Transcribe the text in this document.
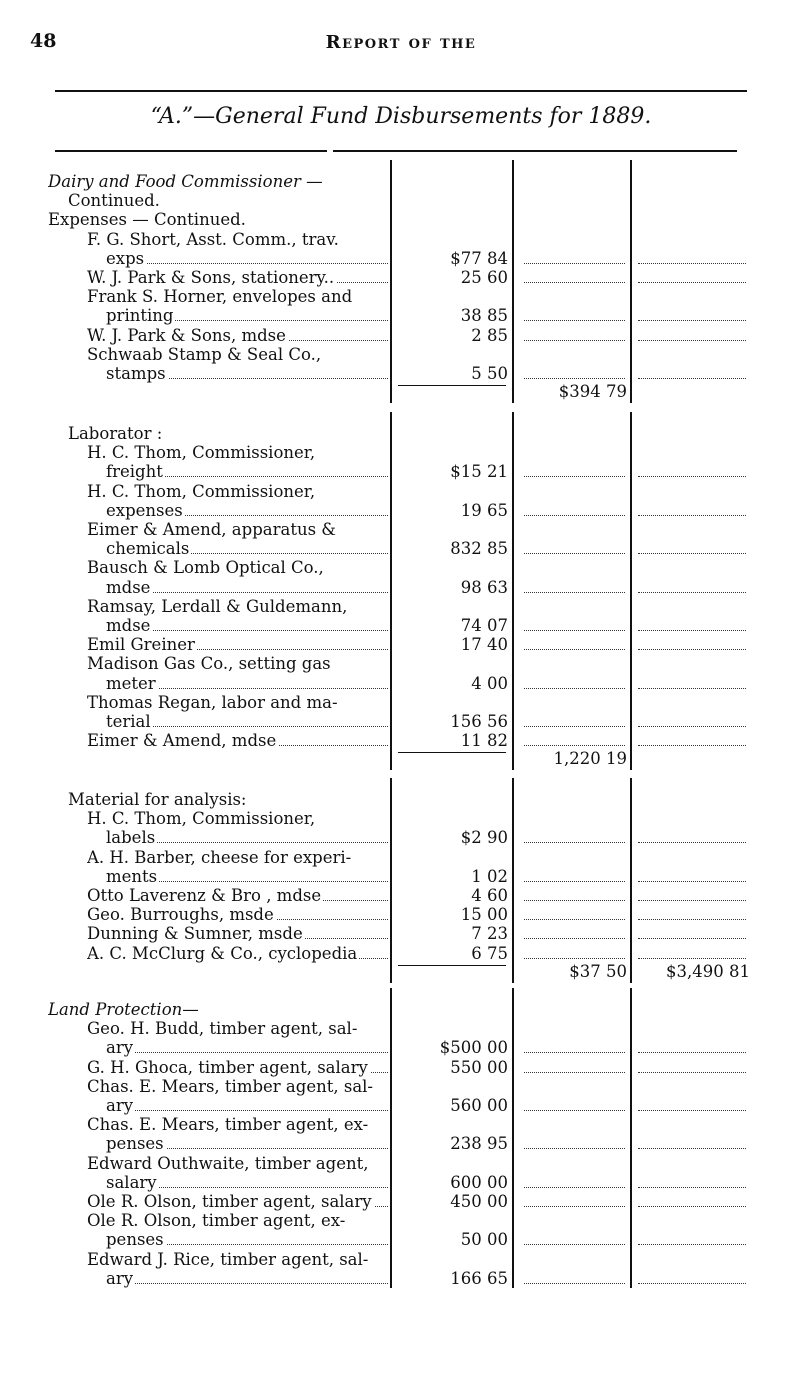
48	Report of the
“A.”—General Fund Disbursements for 1889.
Dairy and Food Commissioner —
Continued.
Expenses — Continued.
F. G. Short, Asst. Comm., trav.
exps	$77 84
W. J. Park & Sons, stationery..	25 60
Frank S. Horner, envelopes and
printing	38 85
W. J. Park & Sons, mdse	2 85
Schwaab Stamp & Seal Co.,
stamps	5 50
$394 79
Laborator :
H. C. Thom, Commissioner,
freight	$15 21
H. C. Thom, Commissioner,
expenses	19 65
Eimer & Amend, apparatus &
chemicals	832 85
Bausch & Lomb Optical Co.,
mdse	98 63
Ramsay, Lerdall & Guldemann,
mdse	74 07
Emil Greiner	17 40
Madison Gas Co., setting gas
meter	4 00
Thomas Regan, labor and ma-
terial	156 56
Eimer & Amend, mdse	11 82
1,220 19
Material for analysis:
H. C. Thom, Commissioner,
labels	$2 90
A. H. Barber, cheese for experi-
ments	1 02
Otto Laverenz & Bro , mdse	4 60
Geo. Burroughs, msde	15 00
Dunning & Sumner, msde	7 23
A. C. McClurg & Co., cyclopedia	6 75
$37 50	$3,490 81
Land Protection—
Geo. H. Budd, timber agent, sal-
ary	$500 00
G. H. Ghoca, timber agent, salary	550 00
Chas. E. Mears, timber agent, sal-
ary	560 00
Chas. E. Mears, timber agent, ex-
penses	238 95
Edward Outhwaite, timber agent,
salary	600 00
Ole R. Olson, timber agent, salary	450 00
Ole R. Olson, timber agent, ex-
penses	50 00
Edward J. Rice, timber agent, sal-
ary	166 65
